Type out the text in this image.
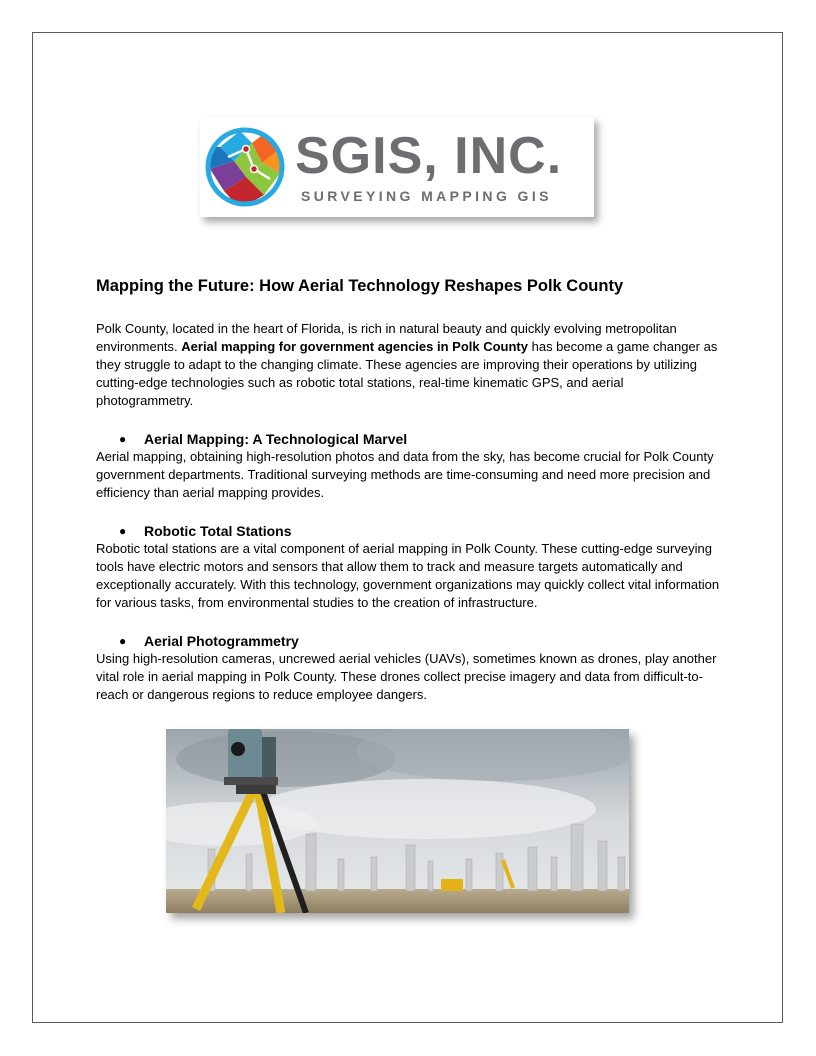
SGIS, INC.
SURVEYING MAPPING GIS
Mapping the Future: How Aerial Technology Reshapes Polk County

Polk County, located in the heart of Florida, is rich in natural beauty and quickly evolving metropolitan environments. Aerial mapping for government agencies in Polk County has become a game changer as they struggle to adapt to the changing climate. These agencies are improving their operations by utilizing cutting-edge technologies such as robotic total stations, real-time kinematic GPS, and aerial photogrammetry.

● Aerial Mapping: A Technological Marvel

Aerial mapping, obtaining high-resolution photos and data from the sky, has become crucial for Polk County government departments. Traditional surveying methods are time-consuming and need more precision and efficiency than aerial mapping provides.

● Robotic Total Stations

Robotic total stations are a vital component of aerial mapping in Polk County. These cutting-edge surveying tools have electric motors and sensors that allow them to track and measure targets automatically and exceptionally accurately. With this technology, government organizations may quickly collect vital information for various tasks, from environmental studies to the creation of infrastructure.

● Aerial Photogrammetry

Using high-resolution cameras, uncrewed aerial vehicles (UAVs), sometimes known as drones, play another vital role in aerial mapping in Polk County. These drones collect precise imagery and data from difficult-to-reach or dangerous regions to reduce employee dangers.
